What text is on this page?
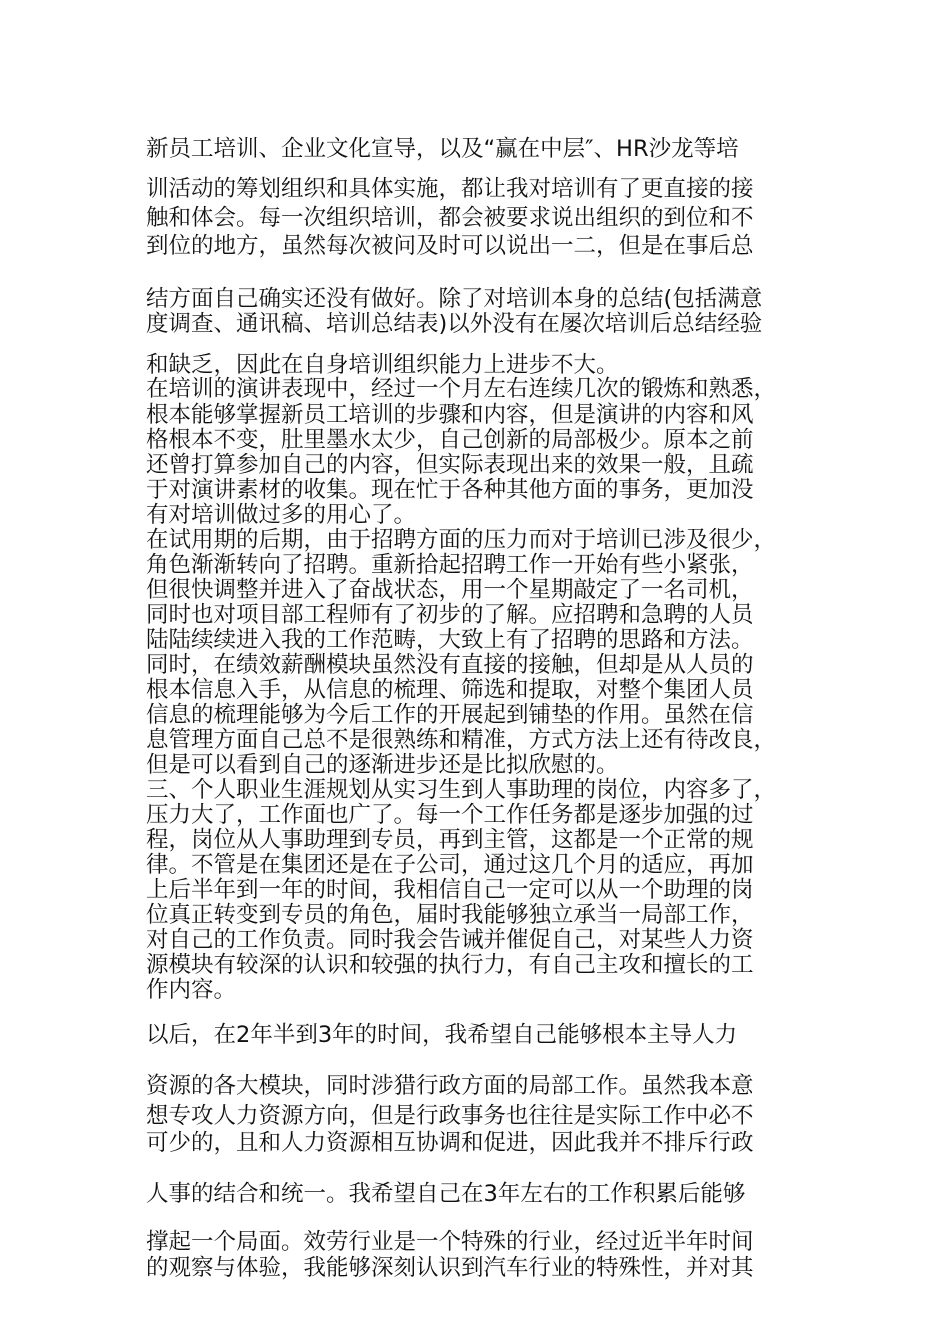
新员工培训、企业文化宣导，以及“赢在中层″、HR沙龙等培

训活动的筹划组织和具体实施，都让我对培训有了更直接的接

触和体会。每一次组织培训，都会被要求说出组织的到位和不

到位的地方，虽然每次被问及时可以说出一二，但是在事后总

结方面自己确实还没有做好。除了对培训本身的总结(包括满意

度调查、通讯稿、培训总结表)以外没有在屡次培训后总结经验

和缺乏，因此在自身培训组织能力上进步不大。

在培训的演讲表现中，经过一个月左右连续几次的锻炼和熟悉，

根本能够掌握新员工培训的步骤和内容，但是演讲的内容和风

格根本不变，肚里墨水太少，自己创新的局部极少。原本之前

还曾打算参加自己的内容，但实际表现出来的效果一般，且疏

于对演讲素材的收集。现在忙于各种其他方面的事务，更加没

有对培训做过多的用心了。

在试用期的后期，由于招聘方面的压力而对于培训已涉及很少，

角色渐渐转向了招聘。重新拾起招聘工作一开始有些小紧张，

但很快调整并进入了奋战状态，用一个星期敲定了一名司机，

同时也对项目部工程师有了初步的了解。应招聘和急聘的人员

陆陆续续进入我的工作范畴，大致上有了招聘的思路和方法。

同时，在绩效薪酬模块虽然没有直接的接触，但却是从人员的

根本信息入手，从信息的梳理、筛选和提取，对整个集团人员

信息的梳理能够为今后工作的开展起到铺垫的作用。虽然在信

息管理方面自己总不是很熟练和精准，方式方法上还有待改良，

但是可以看到自己的逐渐进步还是比拟欣慰的。

三、个人职业生涯规划从实习生到人事助理的岗位，内容多了，

压力大了，工作面也广了。每一个工作任务都是逐步加强的过

程，岗位从人事助理到专员，再到主管，这都是一个正常的规

律。不管是在集团还是在子公司，通过这几个月的适应，再加

上后半年到一年的时间，我相信自己一定可以从一个助理的岗

位真正转变到专员的角色，届时我能够独立承当一局部工作，

对自己的工作负责。同时我会告诫并催促自己，对某些人力资

源模块有较深的认识和较强的执行力，有自己主攻和擅长的工

作内容。

以后，在2年半到3年的时间，我希望自己能够根本主导人力

资源的各大模块，同时涉猎行政方面的局部工作。虽然我本意

想专攻人力资源方向，但是行政事务也往往是实际工作中必不

可少的，且和人力资源相互协调和促进，因此我并不排斥行政

人事的结合和统一。我希望自己在3年左右的工作积累后能够

撑起一个局面。效劳行业是一个特殊的行业，经过近半年时间

的观察与体验，我能够深刻认识到汽车行业的特殊性，并对其
